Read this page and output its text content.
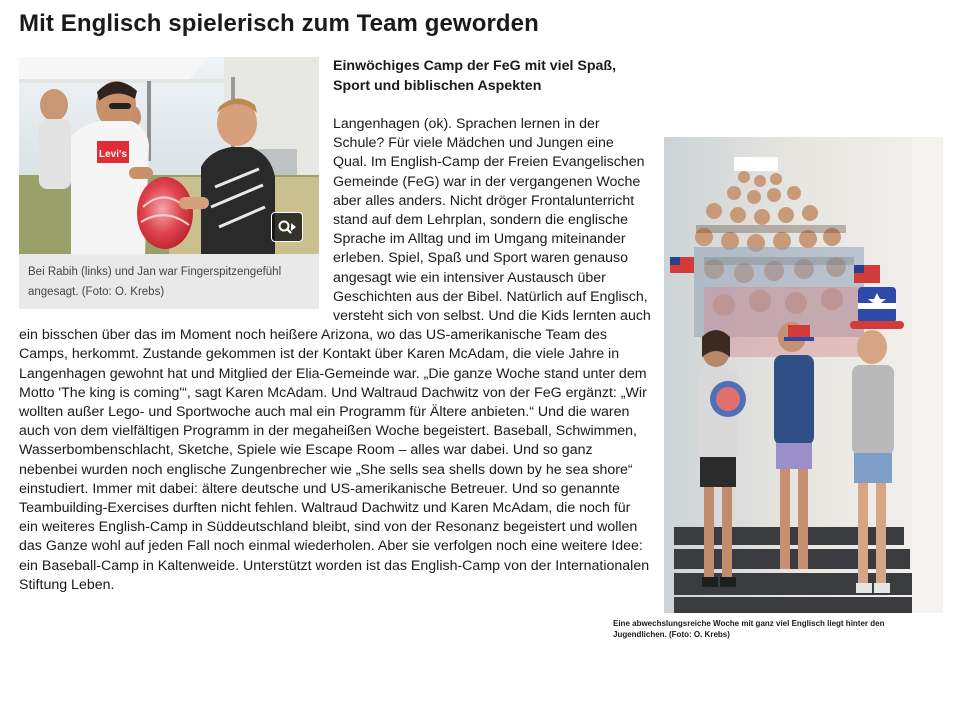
Mit Englisch spielerisch zum Team geworden
Levi's
Bei Rabih (links) und Jan war Fingerspitzengefühl angesagt. (Foto: O. Krebs)
Einwöchiges Camp der FeG mit viel Spaß, Sport und biblischen Aspekten

Langenhagen (ok). Sprachen lernen in der Schule? Für viele Mädchen und Jungen eine Qual. Im English-Camp der Freien Evangelischen Gemeinde (FeG) war in der vergangenen Woche aber alles anders. Nicht dröger Frontalunterricht stand auf dem Lehrplan, sondern die englische Sprache im Alltag und im Umgang miteinander erleben. Spiel, Spaß und Sport waren genauso angesagt wie ein intensiver Austausch über Geschichten aus der Bibel. Natürlich auf Englisch, versteht sich von selbst. Und die Kids lernten auch ein bisschen über das im Moment noch heißere Arizona, wo das US-amerikanische Team des Camps, herkommt. Zustande gekommen ist der Kontakt über Karen McAdam, die viele Jahre in Langenhagen gewohnt hat und Mitglied der Elia-Gemeinde war. „Die ganze Woche stand unter dem Motto 'The king is coming'“, sagt Karen McAdam. Und Waltraud Dachwitz von der FeG ergänzt: „Wir wollten außer Lego- und Sportwoche auch mal ein Programm für Ältere anbieten.“ Und die waren auch von dem vielfältigen Programm in der megaheißen Woche begeistert. Baseball, Schwimmen, Wasserbombenschlacht, Sketche, Spiele wie Escape Room – alles war dabei. Und so ganz nebenbei wurden noch englische Zungenbrecher wie „She sells sea shells down by he sea shore“ einstudiert. Immer mit dabei: ältere deutsche und US-amerikanische Betreuer. Und so genannte Teambuilding-Exercises durften nicht fehlen. Waltraud Dachwitz und Karen McAdam, die noch für ein weiteres English-Camp in Süddeutschland bleibt, sind von der Resonanz begeistert und wollen das Ganze wohl auf jeden Fall noch einmal wiederholen. Aber sie verfolgen noch eine weitere Idee: ein Baseball-Camp in Kaltenweide. Unterstützt worden ist das English-Camp von der Internationalen Stiftung Leben.

Eine abwechslungsreiche Woche mit ganz viel Englisch liegt hinter den Jugendlichen. (Foto: O. Krebs)
